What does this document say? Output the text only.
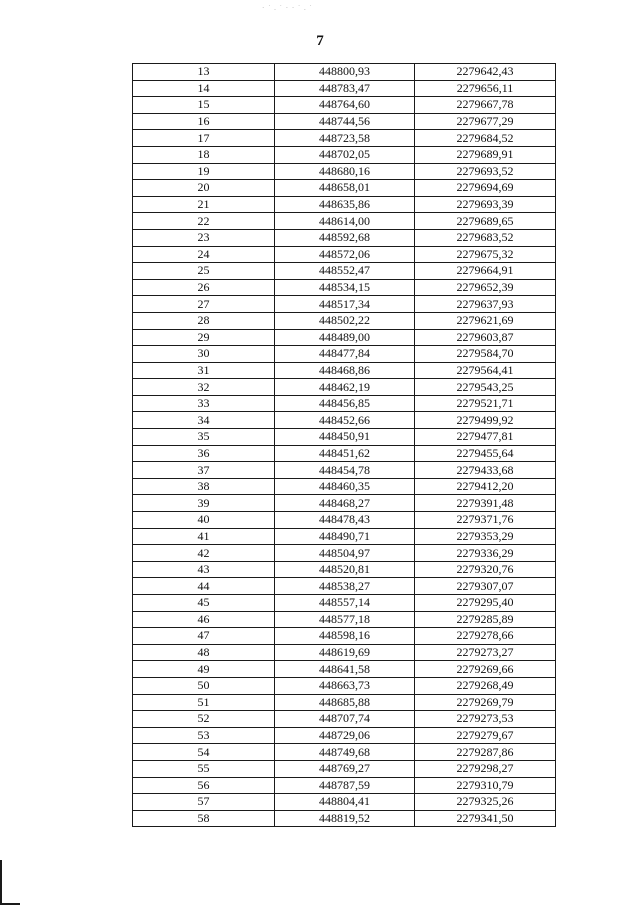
· ˙ . ˙ · · ˙ . ˙
7
13	448800,93	2279642,43
14	448783,47	2279656,11
15	448764,60	2279667,78
16	448744,56	2279677,29
17	448723,58	2279684,52
18	448702,05	2279689,91
19	448680,16	2279693,52
20	448658,01	2279694,69
21	448635,86	2279693,39
22	448614,00	2279689,65
23	448592,68	2279683,52
24	448572,06	2279675,32
25	448552,47	2279664,91
26	448534,15	2279652,39
27	448517,34	2279637,93
28	448502,22	2279621,69
29	448489,00	2279603,87
30	448477,84	2279584,70
31	448468,86	2279564,41
32	448462,19	2279543,25
33	448456,85	2279521,71
34	448452,66	2279499,92
35	448450,91	2279477,81
36	448451,62	2279455,64
37	448454,78	2279433,68
38	448460,35	2279412,20
39	448468,27	2279391,48
40	448478,43	2279371,76
41	448490,71	2279353,29
42	448504,97	2279336,29
43	448520,81	2279320,76
44	448538,27	2279307,07
45	448557,14	2279295,40
46	448577,18	2279285,89
47	448598,16	2279278,66
48	448619,69	2279273,27
49	448641,58	2279269,66
50	448663,73	2279268,49
51	448685,88	2279269,79
52	448707,74	2279273,53
53	448729,06	2279279,67
54	448749,68	2279287,86
55	448769,27	2279298,27
56	448787,59	2279310,79
57	448804,41	2279325,26
58	448819,52	2279341,50
